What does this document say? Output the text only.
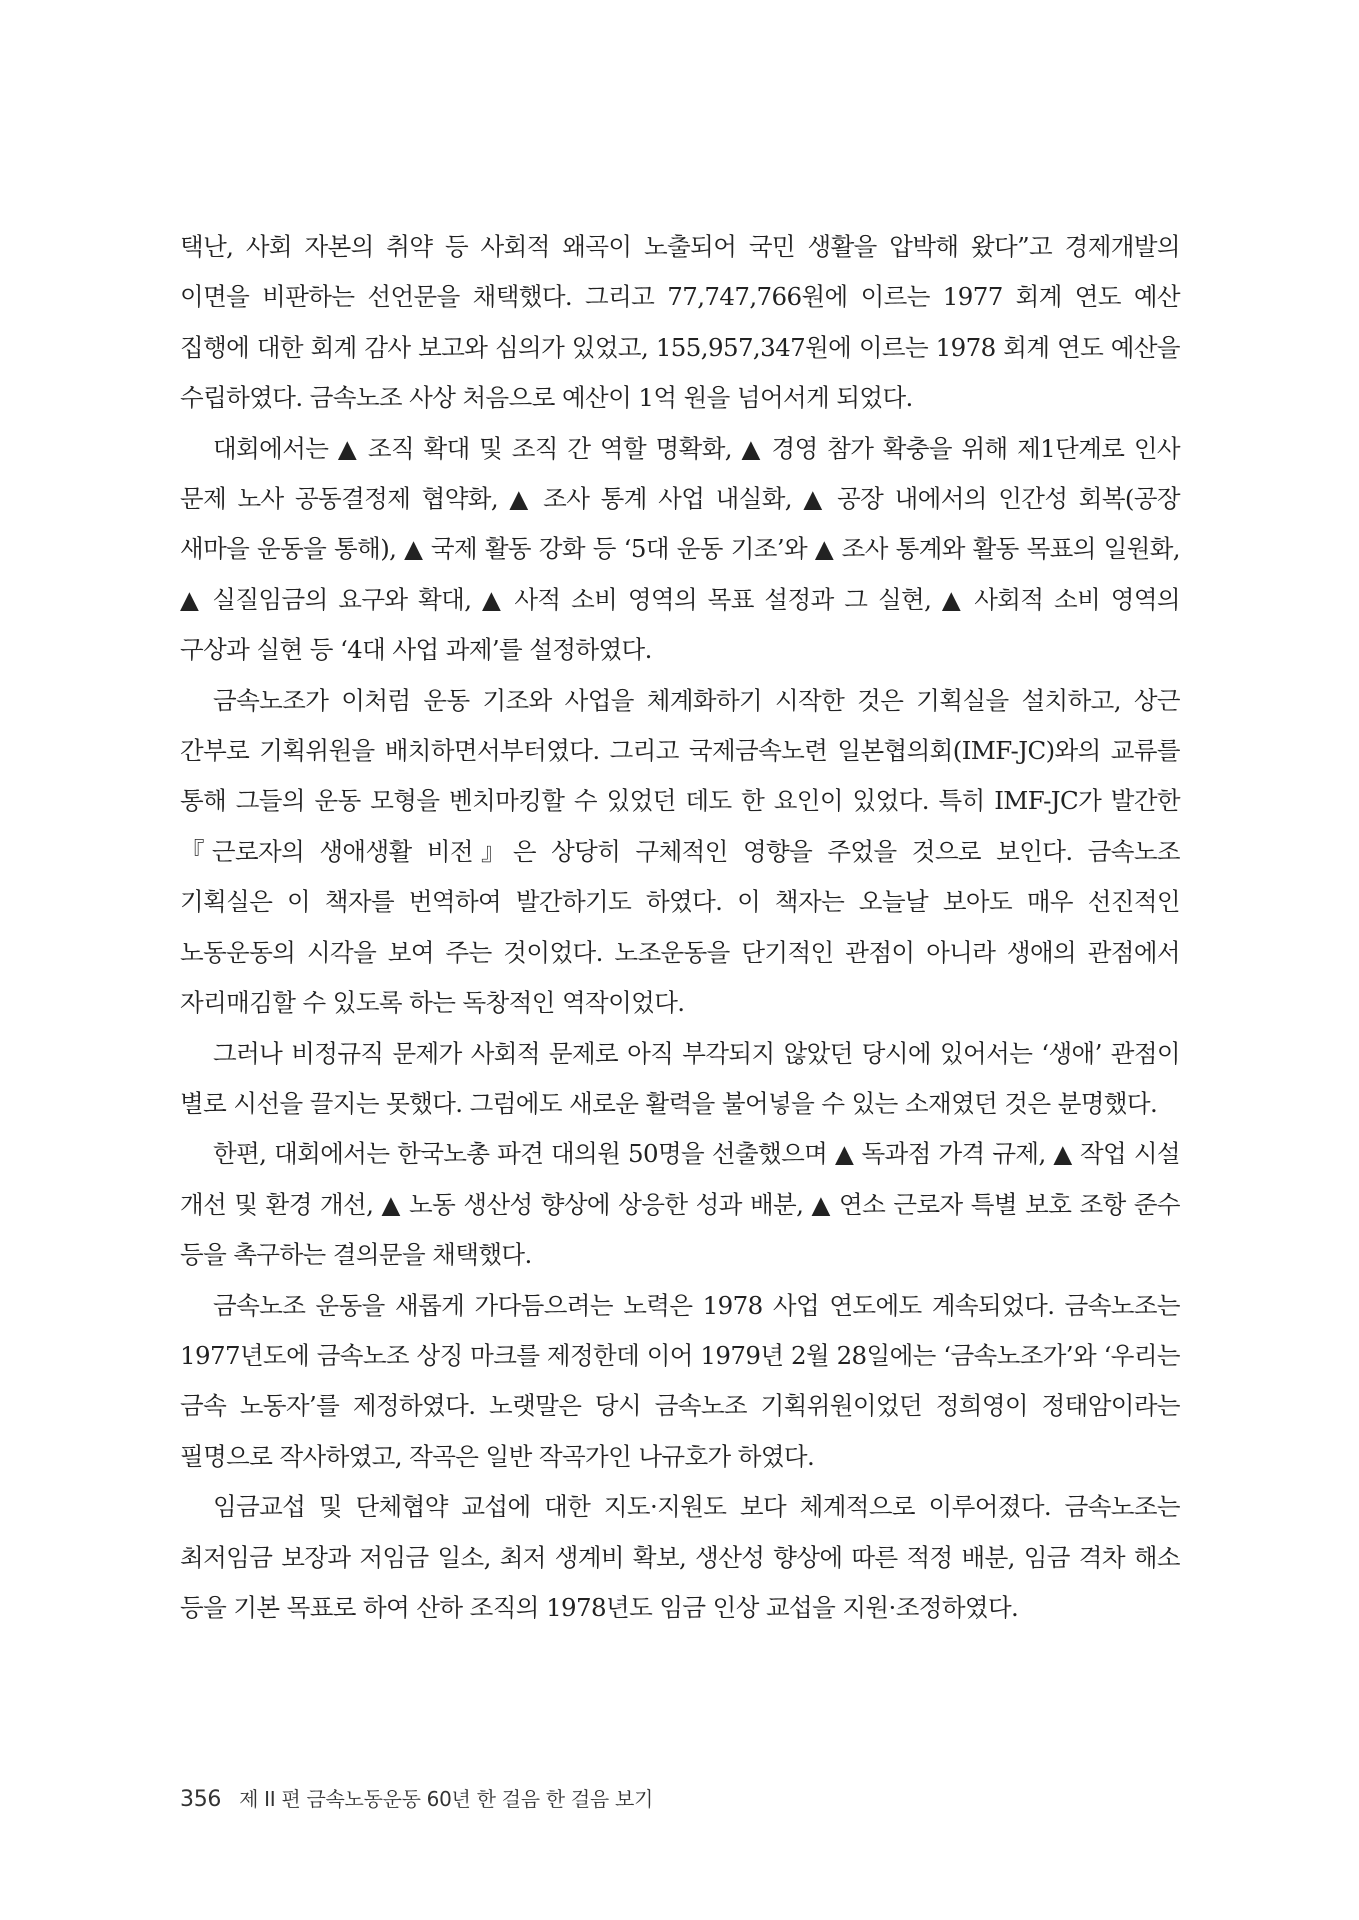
택난, 사회 자본의 취약 등 사회적 왜곡이 노출되어 국민 생활을 압박해 왔다”고 경제개발의 이면을 비판하는 선언문을 채택했다. 그리고 77,747,766원에 이르는 1977 회계 연도 예산 집행에 대한 회계 감사 보고와 심의가 있었고, 155,957,347원에 이르는 1978 회계 연도 예산을 수립하였다. 금속노조 사상 처음으로 예산이 1억 원을 넘어서게 되었다.

대회에서는 ▲ 조직 확대 및 조직 간 역할 명확화, ▲ 경영 참가 확충을 위해 제1단계로 인사 문제 노사 공동결정제 협약화, ▲ 조사 통계 사업 내실화, ▲ 공장 내에서의 인간성 회복(공장 새마을 운동을 통해), ▲ 국제 활동 강화 등 ‘5대 운동 기조’와 ▲ 조사 통계와 활동 목표의 일원화, ▲ 실질임금의 요구와 확대, ▲ 사적 소비 영역의 목표 설정과 그 실현, ▲ 사회적 소비 영역의 구상과 실현 등 ‘4대 사업 과제’를 설정하였다.

금속노조가 이처럼 운동 기조와 사업을 체계화하기 시작한 것은 기획실을 설치하고, 상근 간부로 기획위원을 배치하면서부터였다. 그리고 국제금속노련 일본협의회(IMF-JC)와의 교류를 통해 그들의 운동 모형을 벤치마킹할 수 있었던 데도 한 요인이 있었다. 특히 IMF-JC가 발간한 『근로자의 생애생활 비전』은 상당히 구체적인 영향을 주었을 것으로 보인다. 금속노조 기획실은 이 책자를 번역하여 발간하기도 하였다. 이 책자는 오늘날 보아도 매우 선진적인 노동운동의 시각을 보여 주는 것이었다. 노조운동을 단기적인 관점이 아니라 생애의 관점에서 자리매김할 수 있도록 하는 독창적인 역작이었다.

그러나 비정규직 문제가 사회적 문제로 아직 부각되지 않았던 당시에 있어서는 ‘생애’ 관점이 별로 시선을 끌지는 못했다. 그럼에도 새로운 활력을 불어넣을 수 있는 소재였던 것은 분명했다.

한편, 대회에서는 한국노총 파견 대의원 50명을 선출했으며 ▲ 독과점 가격 규제, ▲ 작업 시설 개선 및 환경 개선, ▲ 노동 생산성 향상에 상응한 성과 배분, ▲ 연소 근로자 특별 보호 조항 준수 등을 촉구하는 결의문을 채택했다.

금속노조 운동을 새롭게 가다듬으려는 노력은 1978 사업 연도에도 계속되었다. 금속노조는 1977년도에 금속노조 상징 마크를 제정한데 이어 1979년 2월 28일에는 ‘금속노조가’와 ‘우리는 금속 노동자’를 제정하였다. 노랫말은 당시 금속노조 기획위원이었던 정희영이 정태암이라는 필명으로 작사하였고, 작곡은 일반 작곡가인 나규호가 하였다.

임금교섭 및 단체협약 교섭에 대한 지도·지원도 보다 체계적으로 이루어졌다. 금속노조는 최저임금 보장과 저임금 일소, 최저 생계비 확보, 생산성 향상에 따른 적정 배분, 임금 격차 해소 등을 기본 목표로 하여 산하 조직의 1978년도 임금 인상 교섭을 지원·조정하였다.

356 제 II 편 금속노동운동 60년 한 걸음 한 걸음 보기
